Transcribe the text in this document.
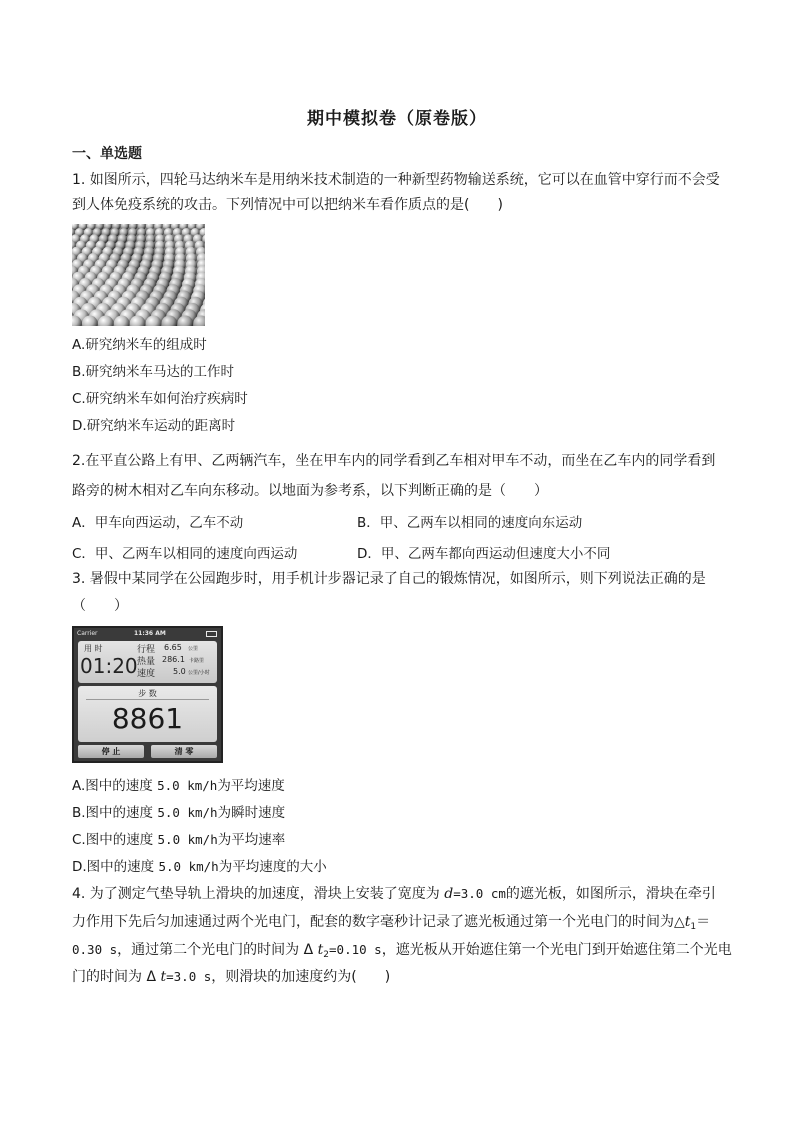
期中模拟卷（原卷版）
一、单选题
1. 如图所示，四轮马达纳米车是用纳米技术制造的一种新型药物输送系统，它可以在血管中穿行而不会受
到人体免疫系统的攻击。下列情况中可以把纳米车看作质点的是(　　)
A.研究纳米车的组成时
B.研究纳米车马达的工作时
C.研究纳米车如何治疗疾病时
D.研究纳米车运动的距离时
2.在平直公路上有甲、乙两辆汽车，坐在甲车内的同学看到乙车相对甲车不动，而坐在乙车内的同学看到
路旁的树木相对乙车向东移动。以地面为参考系，以下判断正确的是（　　）
A．甲车向西运动，乙车不动	B．甲、乙两车以相同的速度向东运动
C．甲、乙两车以相同的速度向西运动	D．甲、乙两车都向西运动但速度大小不同
3. 暑假中某同学在公园跑步时，用手机计步器记录了自己的锻炼情况，如图所示，则下列说法正确的是
（　　）
Carrier	11:36 AM
用 时
01:20
行程 6.65 公里
热量 286.1 卡路里
速度 5.0 公里/小时
步 数
8861
停 止	清 零
A.图中的速度 5.0 km/h为平均速度
B.图中的速度 5.0 km/h为瞬时速度
C.图中的速度 5.0 km/h为平均速率
D.图中的速度 5.0 km/h为平均速度的大小
4. 为了测定气垫导轨上滑块的加速度，滑块上安装了宽度为 d=3.0 cm的遮光板，如图所示，滑块在牵引
力作用下先后匀加速通过两个光电门，配套的数字毫秒计记录了遮光板通过第一个光电门的时间为$\triangle t_1=$
0.30 s，通过第二个光电门的时间为 Δ $t_2=0.10$ s，遮光板从开始遮住第一个光电门到开始遮住第二个光电
门的时间为 Δ t=3.0 s，则滑块的加速度约为(　　)
